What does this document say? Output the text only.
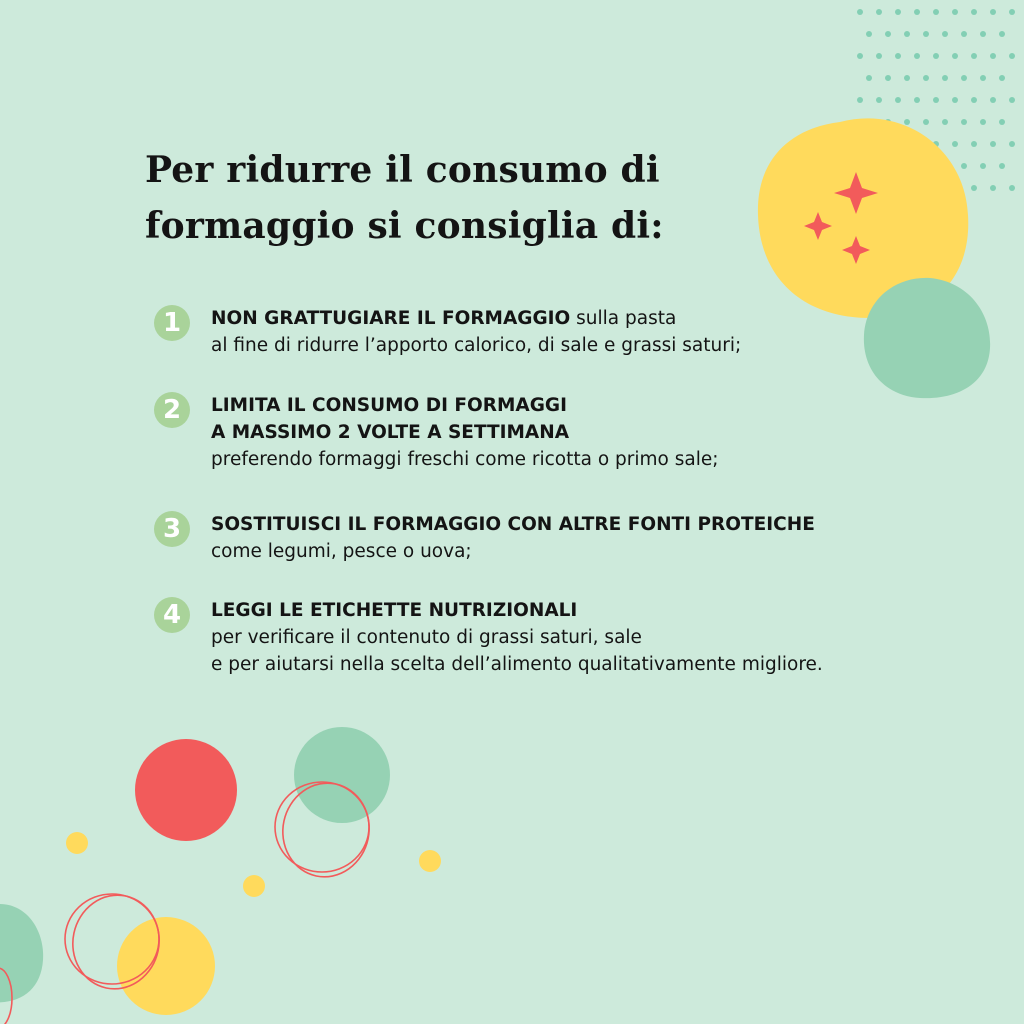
Per ridurre il consumo di
formaggio si consiglia di:
1	NON GRATTUGIARE IL FORMAGGIO sulla pasta
al fine di ridurre l’apporto calorico, di sale e grassi saturi;
2	LIMITA IL CONSUMO DI FORMAGGI
A MASSIMO 2 VOLTE A SETTIMANA
preferendo formaggi freschi come ricotta o primo sale;
3	SOSTITUISCI IL FORMAGGIO CON ALTRE FONTI PROTEICHE
come legumi, pesce o uova;
4	LEGGI LE ETICHETTE NUTRIZIONALI
per verificare il contenuto di grassi saturi, sale
e per aiutarsi nella scelta dell’alimento qualitativamente migliore.
